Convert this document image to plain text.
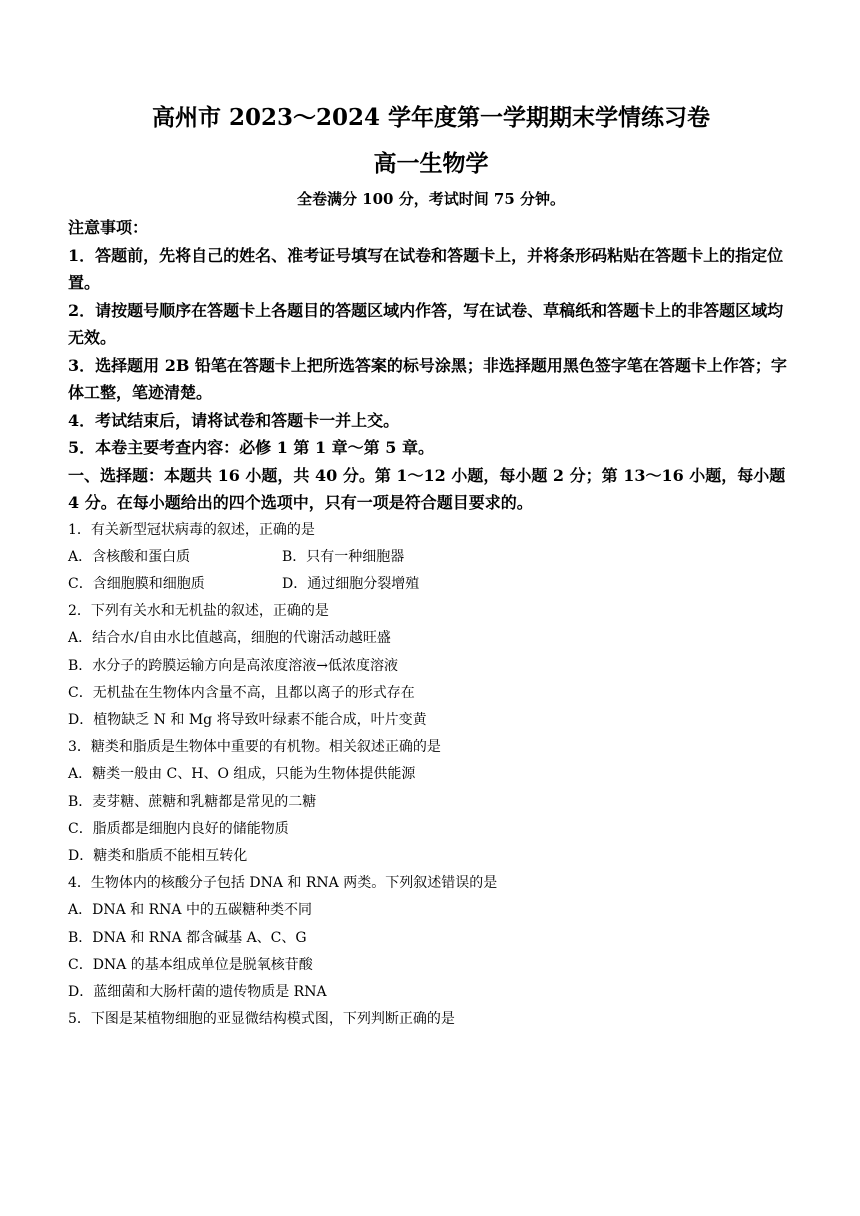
高州市 2023～2024 学年度第一学期期末学情练习卷
高一生物学

全卷满分 100 分，考试时间 75 分钟。

注意事项：

1．答题前，先将自己的姓名、准考证号填写在试卷和答题卡上，并将条形码粘贴在答题卡上的指定位置。

2．请按题号顺序在答题卡上各题目的答题区域内作答，写在试卷、草稿纸和答题卡上的非答题区域均无效。

3．选择题用 2B 铅笔在答题卡上把所选答案的标号涂黑；非选择题用黑色签字笔在答题卡上作答；字体工整，笔迹清楚。

4．考试结束后，请将试卷和答题卡一并上交。

5．本卷主要考查内容：必修 1 第 1 章～第 5 章。

一、选择题：本题共 16 小题，共 40 分。第 1～12 小题，每小题 2 分；第 13～16 小题，每小题 4 分。在每小题给出的四个选项中，只有一项是符合题目要求的。

1．有关新型冠状病毒的叙述，正确的是

A．含核酸和蛋白质	B．只有一种细胞器
C．含细胞膜和细胞质	D．通过细胞分裂增殖

2．下列有关水和无机盐的叙述，正确的是

A．结合水/自由水比值越高，细胞的代谢活动越旺盛

B．水分子的跨膜运输方向是高浓度溶液→低浓度溶液

C．无机盐在生物体内含量不高，且都以离子的形式存在

D．植物缺乏 N 和 Mg 将导致叶绿素不能合成，叶片变黄

3．糖类和脂质是生物体中重要的有机物。相关叙述正确的是

A．糖类一般由 C、H、O 组成，只能为生物体提供能源

B．麦芽糖、蔗糖和乳糖都是常见的二糖

C．脂质都是细胞内良好的储能物质

D．糖类和脂质不能相互转化

4．生物体内的核酸分子包括 DNA 和 RNA 两类。下列叙述错误的是

A．DNA 和 RNA 中的五碳糖种类不同

B．DNA 和 RNA 都含碱基 A、C、G

C．DNA 的基本组成单位是脱氧核苷酸

D．蓝细菌和大肠杆菌的遗传物质是 RNA

5．下图是某植物细胞的亚显微结构模式图，下列判断正确的是
